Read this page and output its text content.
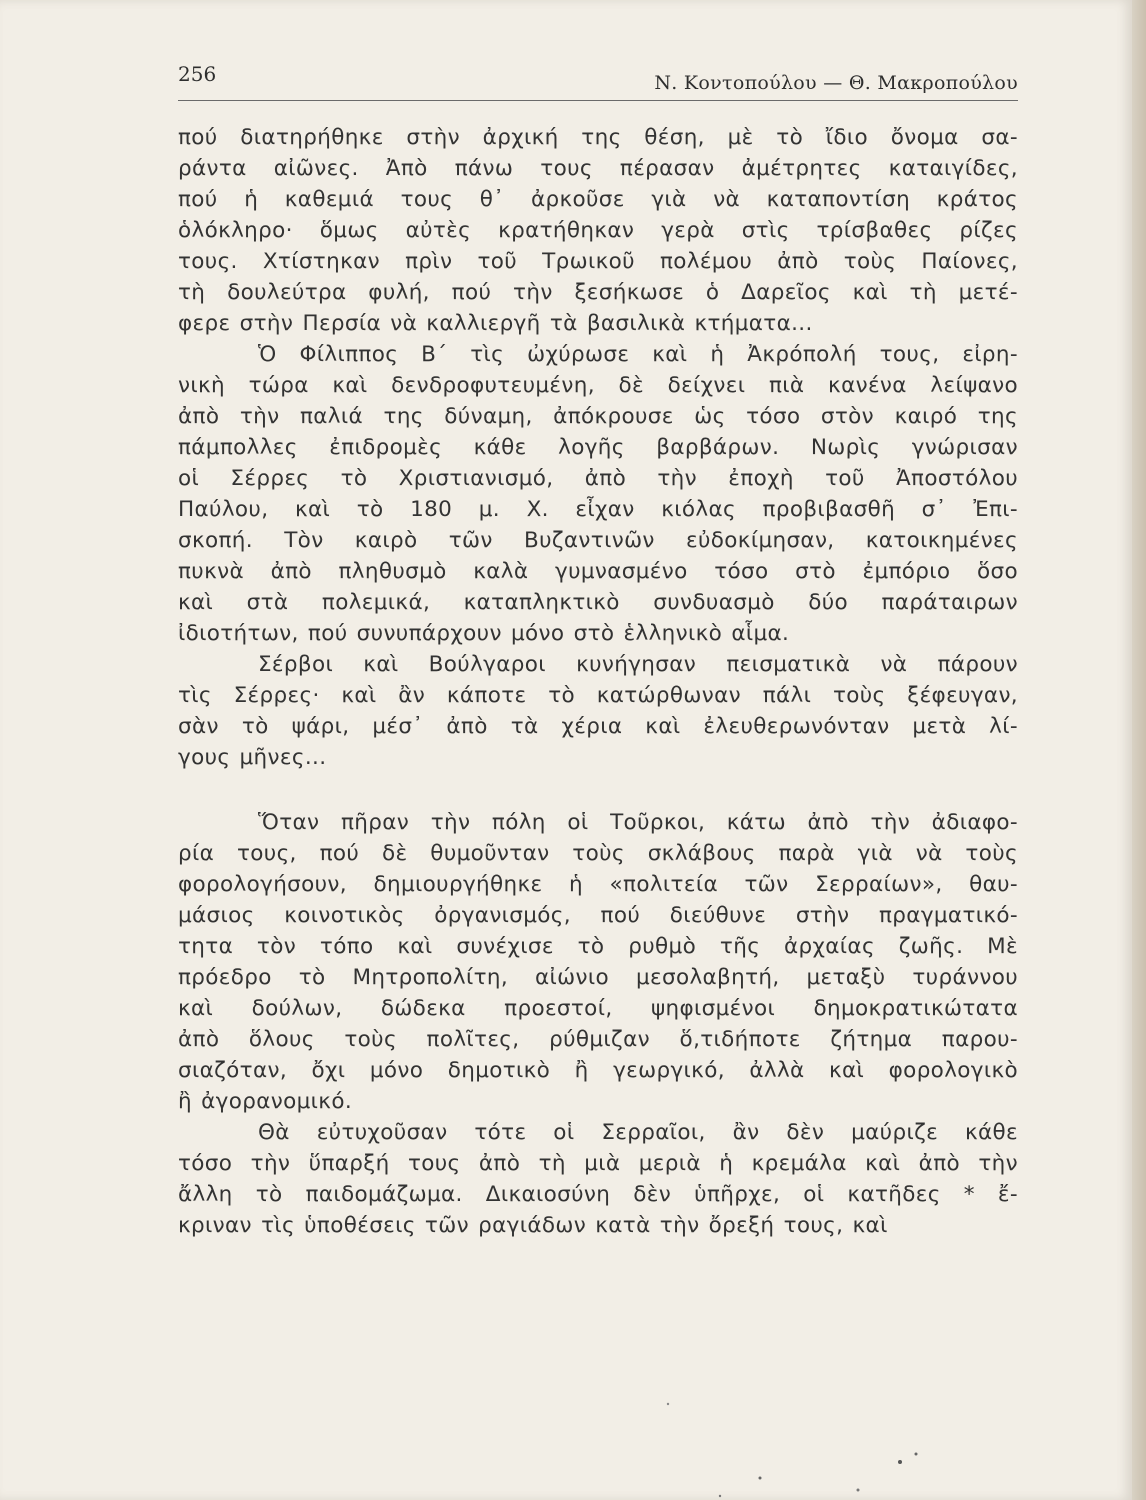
256	Ν. Κοντοπούλου — Θ. Μακροπούλου
πού διατηρήθηκε στὴν ἀρχική της θέση, μὲ τὸ ἴδιο ὄνομα σα-
ράντα αἰῶνες. Ἀπὸ πάνω τους πέρασαν ἀμέτρητες καταιγίδες,
πού ἡ καθεμιά τους θ᾽ ἀρκοῦσε γιὰ νὰ καταποντίση κράτος
ὁλόκληρο· ὅμως αὐτὲς κρατήθηκαν γερὰ στὶς τρίσβαθες ρίζες
τους. Χτίστηκαν πρὶν τοῦ Τρωικοῦ πολέμου ἀπὸ τοὺς Παίονες,
τὴ δουλεύτρα φυλή, πού τὴν ξεσήκωσε ὁ Δαρεῖος καὶ τὴ μετέ-
φερε στὴν Περσία νὰ καλλιεργῆ τὰ βασιλικὰ κτήματα...
Ὁ Φίλιππος Β΄ τὶς ὠχύρωσε καὶ ἡ Ἀκρόπολή τους, εἰρη-
νικὴ τώρα καὶ δενδροφυτευμένη, δὲ δείχνει πιὰ κανένα λείψανο
ἀπὸ τὴν παλιά της δύναμη, ἀπόκρουσε ὡς τόσο στὸν καιρό της
πάμπολλες ἐπιδρομὲς κάθε λογῆς βαρβάρων. Νωρὶς γνώρισαν
οἱ Σέρρες τὸ Χριστιανισμό, ἀπὸ τὴν ἐποχὴ τοῦ Ἀποστόλου
Παύλου, καὶ τὸ 180 μ. Χ. εἶχαν κιόλας προβιβασθῆ σ᾽ Ἐπι-
σκοπή. Τὸν καιρὸ τῶν Βυζαντινῶν εὐδοκίμησαν, κατοικημένες
πυκνὰ ἀπὸ πληθυσμὸ καλὰ γυμνασμένο τόσο στὸ ἐμπόριο ὅσο
καὶ στὰ πολεμικά, καταπληκτικὸ συνδυασμὸ δύο παράταιρων
ἰδιοτήτων, πού συνυπάρχουν μόνο στὸ ἑλληνικὸ αἷμα.
Σέρβοι καὶ Βούλγαροι κυνήγησαν πεισματικὰ νὰ πάρουν
τὶς Σέρρες· καὶ ἂν κάποτε τὸ κατώρθωναν πάλι τοὺς ξέφευγαν,
σὰν τὸ ψάρι, μέσ᾽ ἀπὸ τὰ χέρια καὶ ἐλευθερωνόνταν μετὰ λί-
γους μῆνες...
Ὅταν πῆραν τὴν πόλη οἱ Τοῦρκοι, κάτω ἀπὸ τὴν ἀδιαφο-
ρία τους, πού δὲ θυμοῦνταν τοὺς σκλάβους παρὰ γιὰ νὰ τοὺς
φορολογήσουν, δημιουργήθηκε ἡ «πολιτεία τῶν Σερραίων», θαυ-
μάσιος κοινοτικὸς ὀργανισμός, πού διεύθυνε στὴν πραγματικό-
τητα τὸν τόπο καὶ συνέχισε τὸ ρυθμὸ τῆς ἀρχαίας ζωῆς. Μὲ
πρόεδρο τὸ Μητροπολίτη, αἰώνιο μεσολαβητή, μεταξὺ τυράννου
καὶ δούλων, δώδεκα προεστοί, ψηφισμένοι δημοκρατικώτατα
ἀπὸ ὅλους τοὺς πολῖτες, ρύθμιζαν ὅ,τιδήποτε ζήτημα παρου-
σιαζόταν, ὄχι μόνο δημοτικὸ ἢ γεωργικό, ἀλλὰ καὶ φορολογικὸ
ἢ ἀγορανομικό.
Θὰ εὐτυχοῦσαν τότε οἱ Σερραῖοι, ἂν δὲν μαύριζε κάθε
τόσο τὴν ὕπαρξή τους ἀπὸ τὴ μιὰ μεριὰ ἡ κρεμάλα καὶ ἀπὸ τὴν
ἄλλη τὸ παιδομάζωμα. Δικαιοσύνη δὲν ὑπῆρχε, οἱ κατῆδες * ἔ-
κριναν τὶς ὑποθέσεις τῶν ραγιάδων κατὰ τὴν ὄρεξή τους, καὶ
